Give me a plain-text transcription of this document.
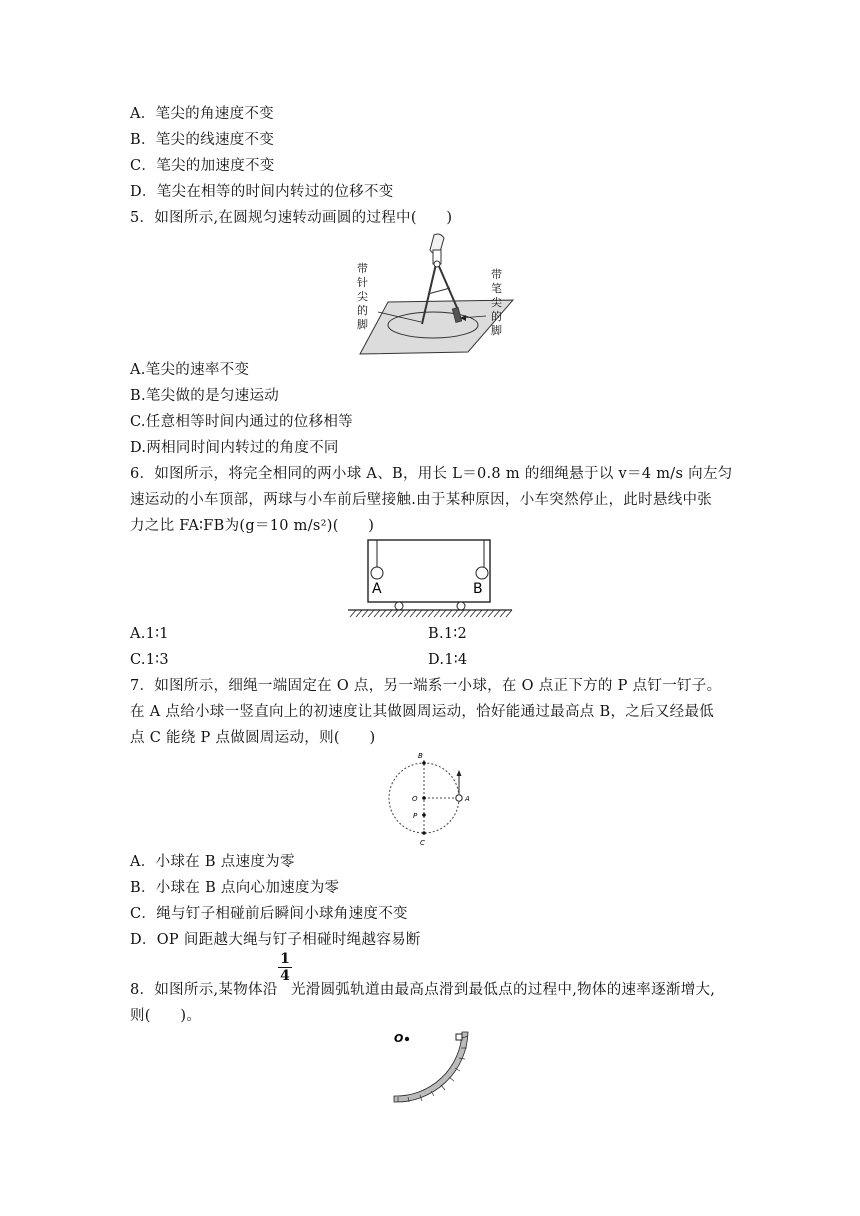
A．笔尖的角速度不变
B．笔尖的线速度不变
C．笔尖的加速度不变
D．笔尖在相等的时间内转过的位移不变
5．如图所示,在圆规匀速转动画圆的过程中(　　)
带 针 尖 的 脚
带 笔 尖 的 脚
A.笔尖的速率不变
B.笔尖做的是匀速运动
C.任意相等时间内通过的位移相等
D.两相同时间内转过的角度不同
6．如图所示，将完全相同的两小球 A、B，用长 L＝0.8 m 的细绳悬于以 v＝4 m/s 向左匀
速运动的小车顶部，两球与小车前后壁接触.由于某种原因，小车突然停止，此时悬线中张
力之比 FA∶FB为(g＝10 m/s²)(　　)
A	B
A.1∶1	B.1∶2
C.1∶3	D.1∶4
7．如图所示，细绳一端固定在 O 点，另一端系一小球，在 O 点正下方的 P 点钉一钉子。
在 A 点给小球一竖直向上的初速度让其做圆周运动，恰好能通过最高点 B，之后又经最低
点 C 能绕 P 点做圆周运动，则(　　)
B
O	A
P
C
A．小球在 B 点速度为零
B．小球在 B 点向心加速度为零
C．绳与钉子相碰前后瞬间小球角速度不变
D．OP 间距越大绳与钉子相碰时绳越容易断
1
4
8．如图所示,某物体沿 光滑圆弧轨道由最高点滑到最低点的过程中,物体的速率逐渐增大,
则(　　)。
O
